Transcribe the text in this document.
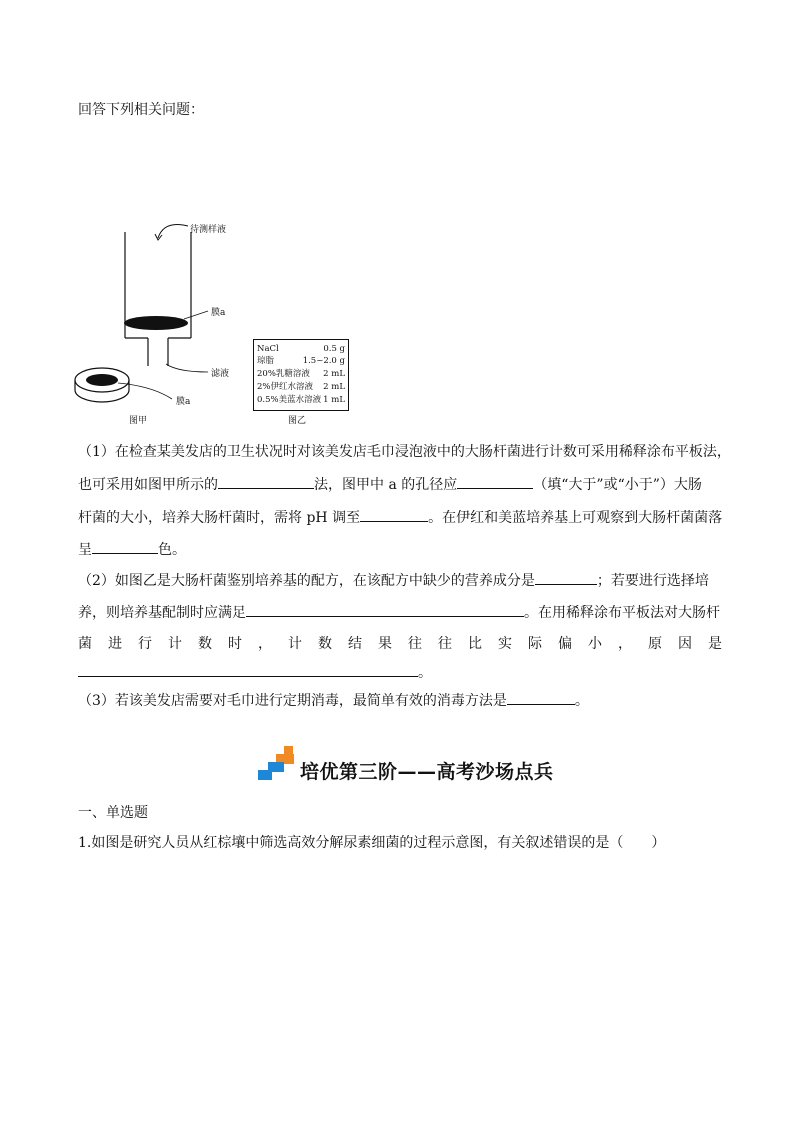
回答下列相关问题：
待测样液
膜a
滤液
膜a
图甲
NaCl	0.5 g
琼脂	1.5~2.0 g
20%乳糖溶液 2 mL
2%伊红水溶液 2 mL
0.5%美蓝水溶液 1 mL
图乙
（1）在检查某美发店的卫生状况时对该美发店毛巾浸泡液中的大肠杆菌进行计数可采用稀释涂布平板法，
也可采用如图甲所示的	法，图甲中 a 的孔径应	（填“大于”或“小于”）大肠
杆菌的大小，培养大肠杆菌时，需将 pH 调至	。在伊红和美蓝培养基上可观察到大肠杆菌菌落
呈	色。
（2）如图乙是大肠杆菌鉴别培养基的配方，在该配方中缺少的营养成分是	；若要进行选择培
养，则培养基配制时应满足	。在用稀释涂布平板法对大肠杆
菌 进 行 计 数 时 ， 计 数 结 果 往 往 比 实 际 偏 小 ， 原 因 是
。
（3）若该美发店需要对毛巾进行定期消毒，最简单有效的消毒方法是	。
培优第三阶——高考沙场点兵
一、单选题
1.如图是研究人员从红棕壤中筛选高效分解尿素细菌的过程示意图，有关叙述错误的是（　　）
